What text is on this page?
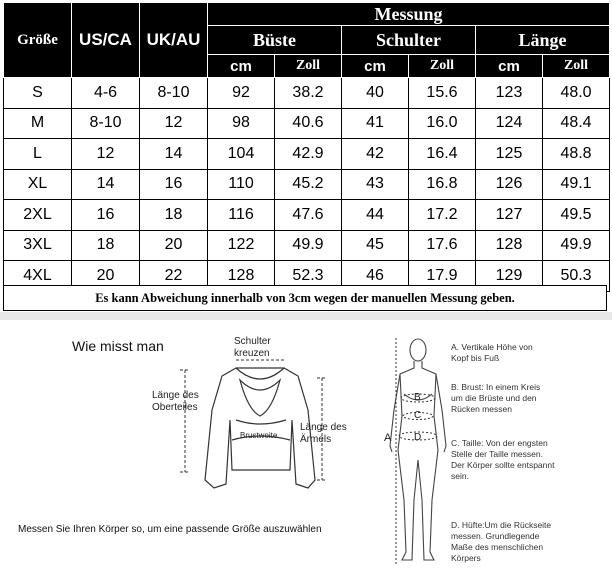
Größe	US/CA	UK/AU	Messung					
			Büste		Schulter		Länge	
			cm	Zoll	cm	Zoll	cm	Zoll
S	4-6	8-10	92	38.2	40	15.6	123	48.0
M	8-10	12	98	40.6	41	16.0	124	48.4
L	12	14	104	42.9	42	16.4	125	48.8
XL	14	16	110	45.2	43	16.8	126	49.1
2XL	16	18	116	47.6	44	17.2	127	49.5
3XL	18	20	122	49.9	45	17.6	128	49.9
4XL	20	22	128	52.3	46	17.9	129	50.3
Es kann Abweichung innerhalb von 3cm wegen der manuellen Messung geben.
Wie misst man	Schulter
kreuzen
Länge des
Oberteiles
Länge des
Ärmels
Brustweite	A
B
C
D
A. Vertikale Höhe von
Kopf bis Fuß
B. Brust: In einem Kreis
um die Brüste und den
Rücken messen
C. Taille: Von der engsten
Stelle der Taille messen.
Der Körper sollte entspannt
sein.
D. Hüfte:Um die Rückseite
messen. Grundlegende
Maße des menschlichen
Körpers
Messen Sie Ihren Körper so, um eine passende Größe auszuwählen
